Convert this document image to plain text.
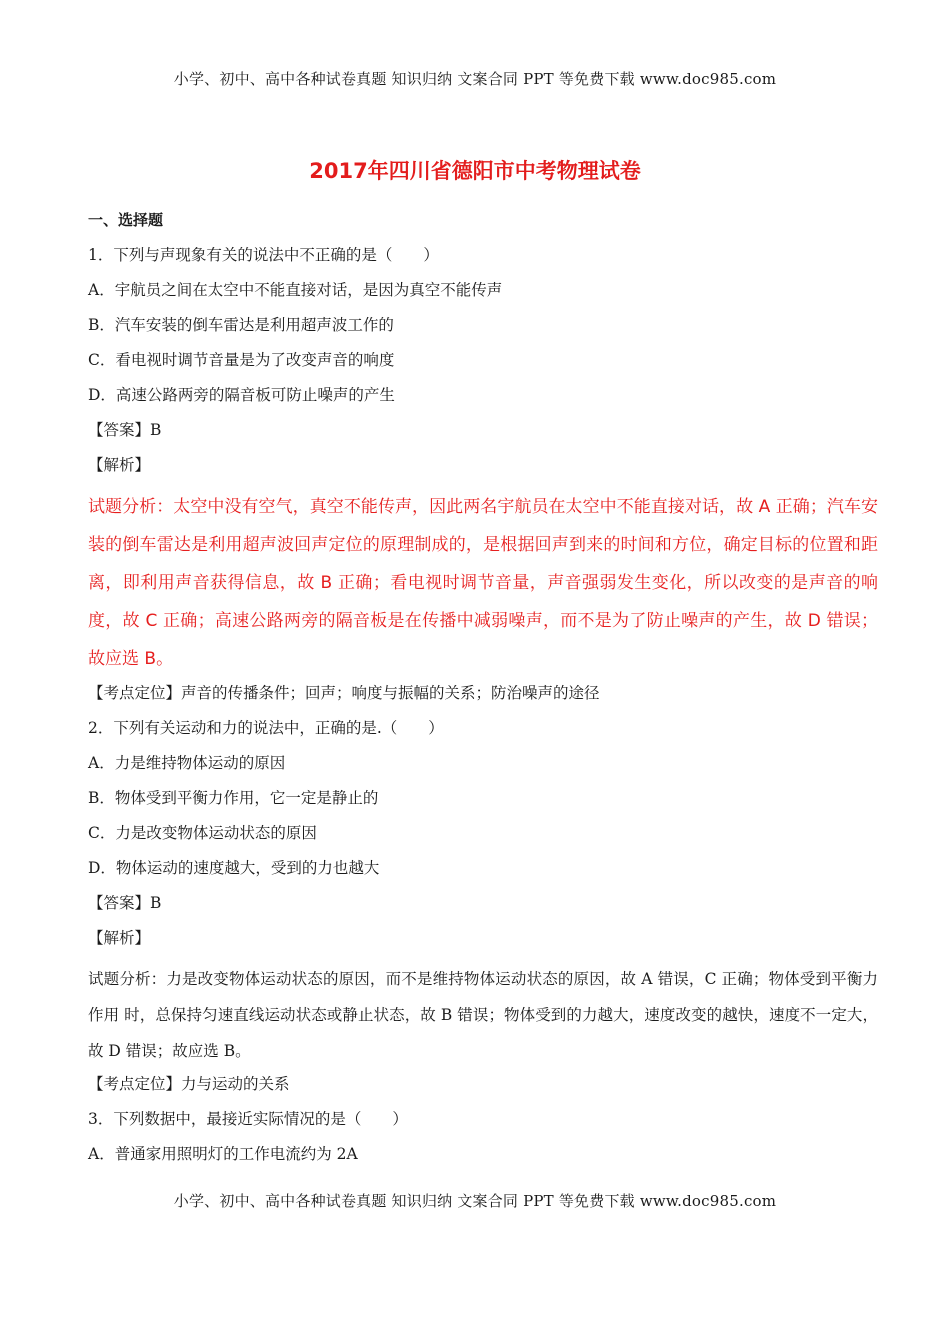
小学、初中、高中各种试卷真题 知识归纳 文案合同 PPT 等免费下载 www.doc985.com
2017年四川省德阳市中考物理试卷
一、选择题
1．下列与声现象有关的说法中不正确的是（　　）
A．宇航员之间在太空中不能直接对话，是因为真空不能传声
B．汽车安装的倒车雷达是利用超声波工作的
C．看电视时调节音量是为了改变声音的响度
D．高速公路两旁的隔音板可防止噪声的产生
【答案】B
【解析】

试题分析：太空中没有空气，真空不能传声，因此两名宇航员在太空中不能直接对话，故 A 正确；汽车安装的倒车雷达是利用超声波回声定位的原理制成的，是根据回声到来的时间和方位，确定目标的位置和距离，即利用声音获得信息，故 B 正确；看电视时调节音量，声音强弱发生变化，所以改变的是声音的响度，故 C 正确；高速公路两旁的隔音板是在传播中减弱噪声，而不是为了防止噪声的产生，故 D 错误；故应选 B。

【考点定位】声音的传播条件；回声；响度与振幅的关系；防治噪声的途径
2．下列有关运动和力的说法中，正确的是.（　　）
A．力是维持物体运动的原因
B．物体受到平衡力作用，它一定是静止的
C．力是改变物体运动状态的原因
D．物体运动的速度越大，受到的力也越大
【答案】B
【解析】

试题分析：力是改变物体运动状态的原因，而不是维持物体运动状态的原因，故 A 错误，C 正确；物体受到平衡力作用 时，总保持匀速直线运动状态或静止状态，故 B 错误；物体受到的力越大，速度改变的越快，速度不一定大，故 D 错误；故应选 B。

【考点定位】力与运动的关系
3．下列数据中，最接近实际情况的是（　　）
A．普通家用照明灯的工作电流约为 2A
小学、初中、高中各种试卷真题 知识归纳 文案合同 PPT 等免费下载 www.doc985.com
